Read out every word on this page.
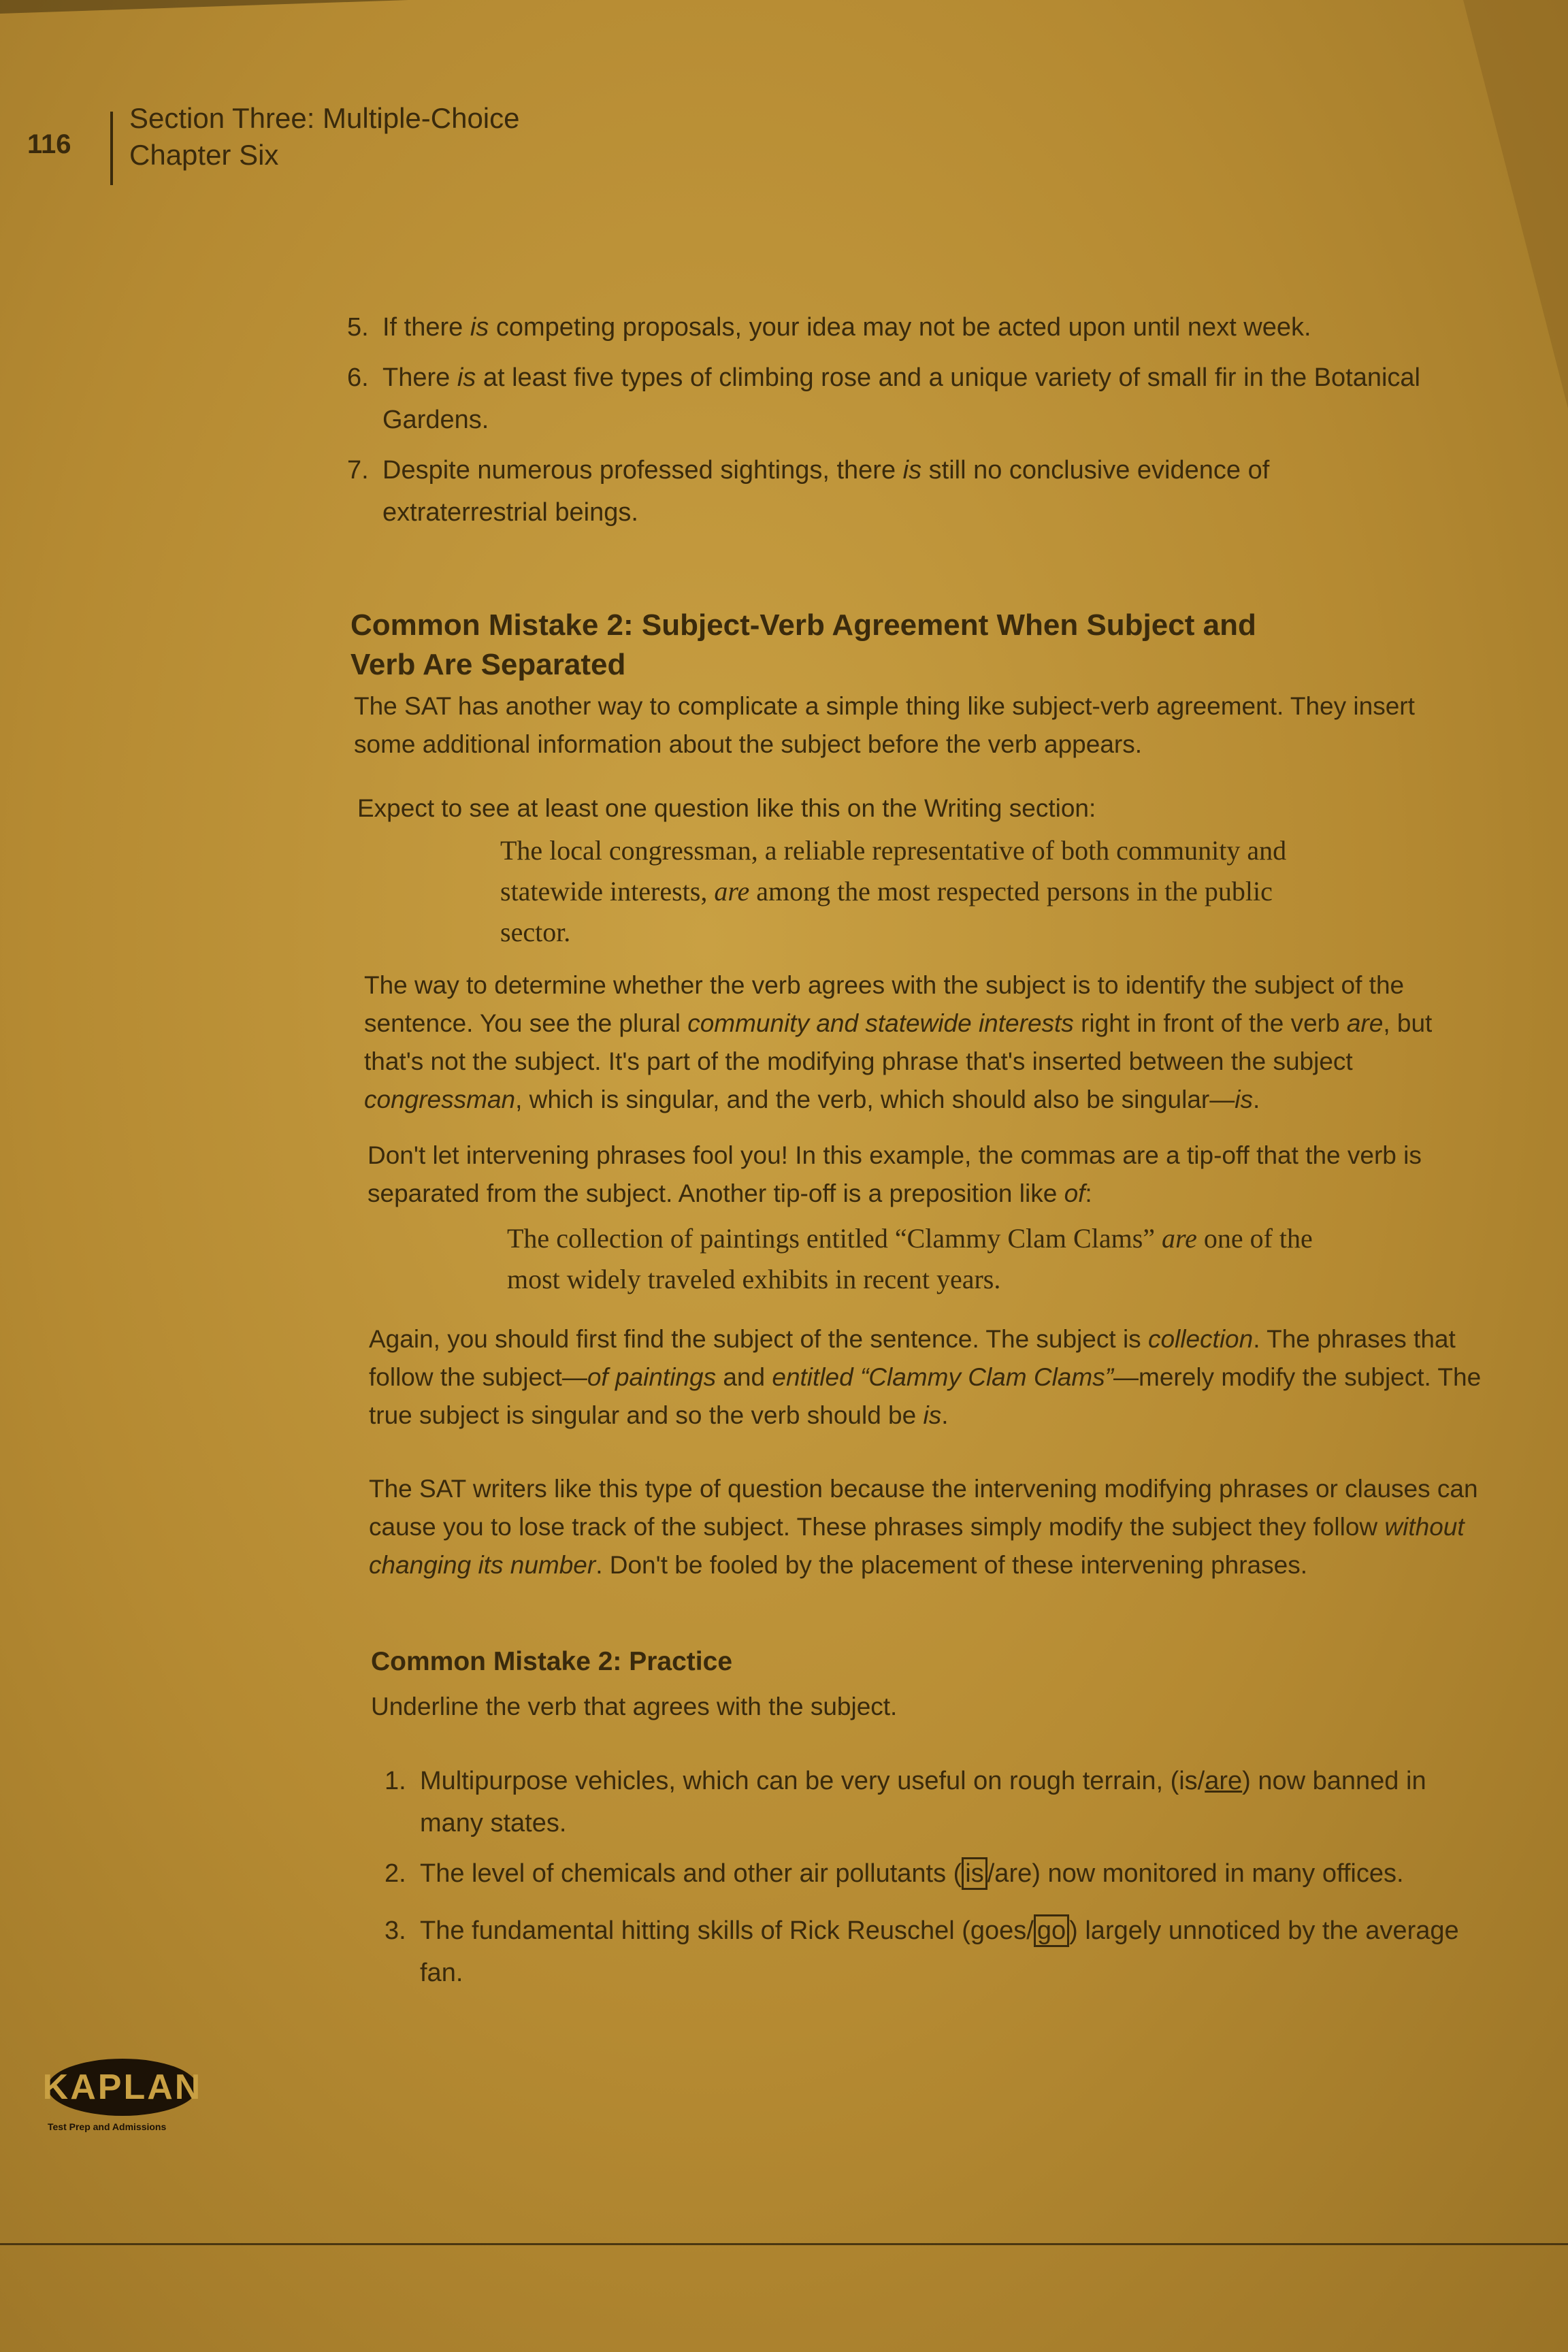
116
Section Three: Multiple-Choice
Chapter Six
5. If there is competing proposals, your idea may not be acted upon until next week.
6. There is at least five types of climbing rose and a unique variety of small fir in the Botanical Gardens.
7. Despite numerous professed sightings, there is still no conclusive evidence of extraterrestrial beings.
Common Mistake 2: Subject-Verb Agreement When Subject and
Verb Are Separated
The SAT has another way to complicate a simple thing like subject-verb agreement. They insert some additional information about the subject before the verb appears.
Expect to see at least one question like this on the Writing section:
The local congressman, a reliable representative of both community and statewide interests, are among the most respected persons in the public sector.
The way to determine whether the verb agrees with the subject is to identify the subject of the sentence. You see the plural community and statewide interests right in front of the verb are, but that's not the subject. It's part of the modifying phrase that's inserted between the subject congressman, which is singular, and the verb, which should also be singular—is.
Don't let intervening phrases fool you! In this example, the commas are a tip-off that the verb is separated from the subject. Another tip-off is a preposition like of:
The collection of paintings entitled “Clammy Clam Clams” are one of the most widely traveled exhibits in recent years.
Again, you should first find the subject of the sentence. The subject is collection. The phrases that follow the subject—of paintings and entitled “Clammy Clam Clams”—merely modify the subject. The true subject is singular and so the verb should be is.
The SAT writers like this type of question because the intervening modifying phrases or clauses can cause you to lose track of the subject. These phrases simply modify the subject they follow without changing its number. Don't be fooled by the placement of these intervening phrases.
Common Mistake 2: Practice
Underline the verb that agrees with the subject.
1. Multipurpose vehicles, which can be very useful on rough terrain, (is/are) now banned in many states.
2. The level of chemicals and other air pollutants ( is /are) now monitored in many offices.
3. The fundamental hitting skills of Rick Reuschel (goes/ go ) largely unnoticed by the average fan.
KAPLAN
Test Prep and Admissions
